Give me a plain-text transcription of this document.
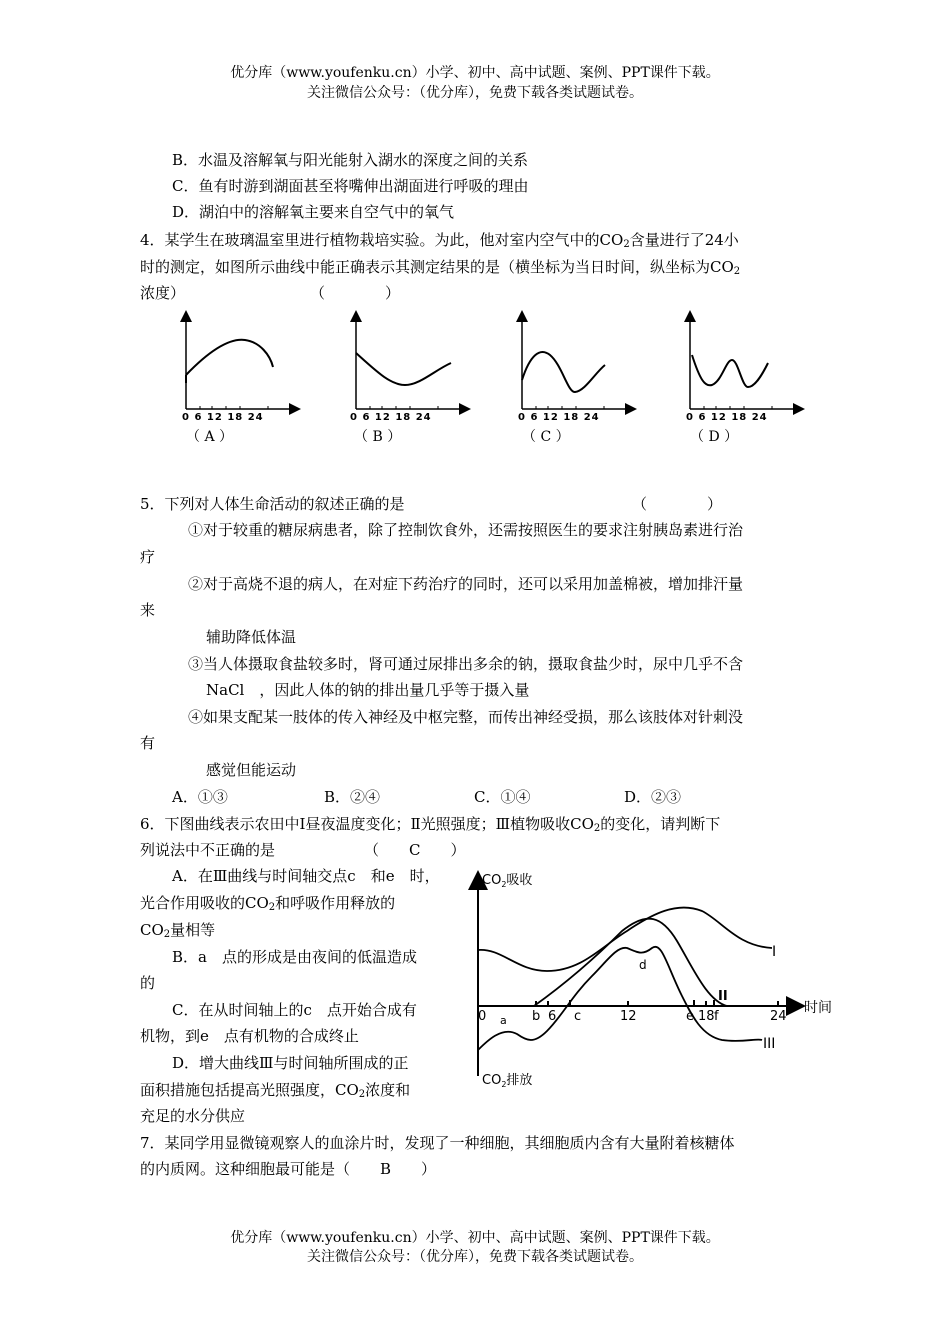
优分库（www.youfenku.cn）小学、初中、高中试题、案例、PPT课件下载。
关注微信公众号：（优分库），免费下载各类试题试卷。
B．水温及溶解氧与阳光能射入湖水的深度之间的关系
C．鱼有时游到湖面甚至将嘴伸出湖面进行呼吸的理由
D．湖泊中的溶解氧主要来自空气中的氧气
4．某学生在玻璃温室里进行植物栽培实验。为此，他对室内空气中的$CO_2$含量进行了24小
时的测定，如图所示曲线中能正确表示其测定结果的是（横坐标为当日时间，纵坐标为$CO_2$
浓度）	（　　　　）
0 6 12 18 24	0 6 12 18 24	0 6 12 18 24	0 6 12 18 24
（ A ）	（ B ）	（ C ）	（ D ）
5．下列对人体生命活动的叙述正确的是	（　　　　）
①对于较重的糖尿病患者，除了控制饮食外，还需按照医生的要求注射胰岛素进行治
疗
②对于高烧不退的病人，在对症下药治疗的同时，还可以采用加盖棉被，增加排汗量
来
辅助降低体温
③当人体摄取食盐较多时，肾可通过尿排出多余的钠，摄取食盐少时，尿中几乎不含
NaCl　，因此人体的钠的排出量几乎等于摄入量
④如果支配某一肢体的传入神经及中枢完整，而传出神经受损，那么该肢体对针刺没
有
感觉但能运动
A．①③	B．②④	C．①④	D．②③
6．下图曲线表示农田中Ⅰ昼夜温度变化；Ⅱ光照强度；Ⅲ植物吸收$CO_2$的变化，请判断下
列说法中不正确的是	（　　C　　）
A．在Ⅲ曲线与时间轴交点c　和e　时，
光合作用吸收的$CO_2$和呼吸作用释放的
$CO_2$量相等
B．a　点的形成是由夜间的低温造成
的
C．在从时间轴上的c　点开始合成有
机物，到e　点有机物的合成终止
D．增大曲线Ⅲ与时间轴所围成的正
面积措施包括提高光照强度，$CO_2$浓度和
充足的水分供应
a
d
I
II
III
时间
$CO_2$吸收
$CO_2$排放
0	b 6 c	12	e 18 f	24
7．某同学用显微镜观察人的血涂片时，发现了一种细胞，其细胞质内含有大量附着核糖体
的内质网。这种细胞最可能是（　　B　　）
优分库（www.youfenku.cn）小学、初中、高中试题、案例、PPT课件下载。
关注微信公众号：（优分库），免费下载各类试题试卷。
